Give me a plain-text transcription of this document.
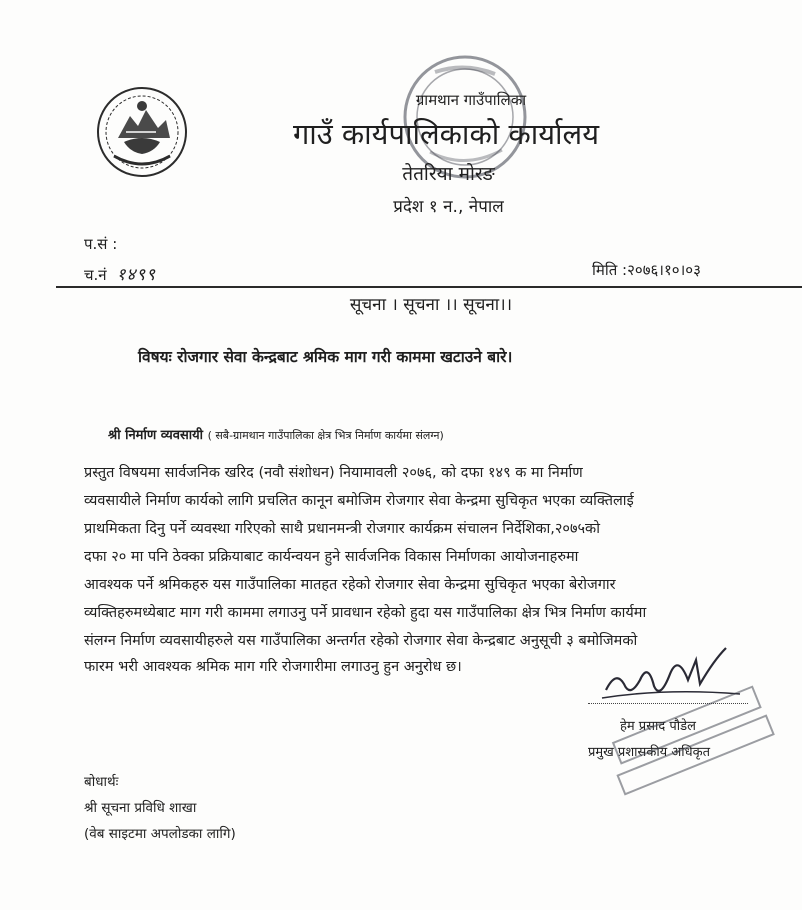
ग्रामथान गाउँपालिका
गाउँ कार्यपालिकाको कार्यालय
तेतरिया मोरङ
प्रदेश १ न., नेपाल
प.सं :
च.नं १४९९	मिति :२०७६।१०।०३
सूचना । सूचना ।। सूचना।।
विषयः रोजगार सेवा केन्द्रबाट श्रमिक माग गरी काममा खटाउने बारे।
श्री निर्माण व्यवसायी ( सबै-ग्रामथान गाउँपालिका क्षेत्र भित्र निर्माण कार्यमा संलग्न)
प्रस्तुत विषयमा सार्वजनिक खरिद (नवौ संशोधन) नियामावली २०७६, को दफा १४९ क मा निर्माण
व्यवसायीले निर्माण कार्यको लागि प्रचलित कानून बमोजिम रोजगार सेवा केन्द्रमा सुचिकृत भएका व्यक्तिलाई
प्राथमिकता दिनु पर्ने व्यवस्था गरिएको साथै प्रधानमन्त्री रोजगार कार्यक्रम संचालन निर्देशिका,२०७५को
दफा २० मा पनि ठेक्का प्रक्रियाबाट कार्यन्वयन हुने सार्वजनिक विकास निर्माणका आयोजनाहरुमा
आवश्यक पर्ने श्रमिकहरु यस गाउँपालिका मातहत रहेको रोजगार सेवा केन्द्रमा सुचिकृत भएका बेरोजगार
व्यक्तिहरुमध्येबाट माग गरी काममा लगाउनु पर्ने प्रावधान रहेको हुदा यस गाउँपालिका क्षेत्र भित्र निर्माण कार्यमा
संलग्न निर्माण व्यवसायीहरुले यस गाउँपालिका अन्तर्गत रहेको रोजगार सेवा केन्द्रबाट अनुसूची ३ बमोजिमको
फारम भरी आवश्यक श्रमिक माग गरि रोजगारीमा लगाउनु हुन अनुरोध छ।
हेम प्रसाद पौडेल
प्रमुख प्रशासकीय अधिकृत
बोधार्थः
श्री सूचना प्रविधि शाखा
(वेब साइटमा अपलोडका लागि)
